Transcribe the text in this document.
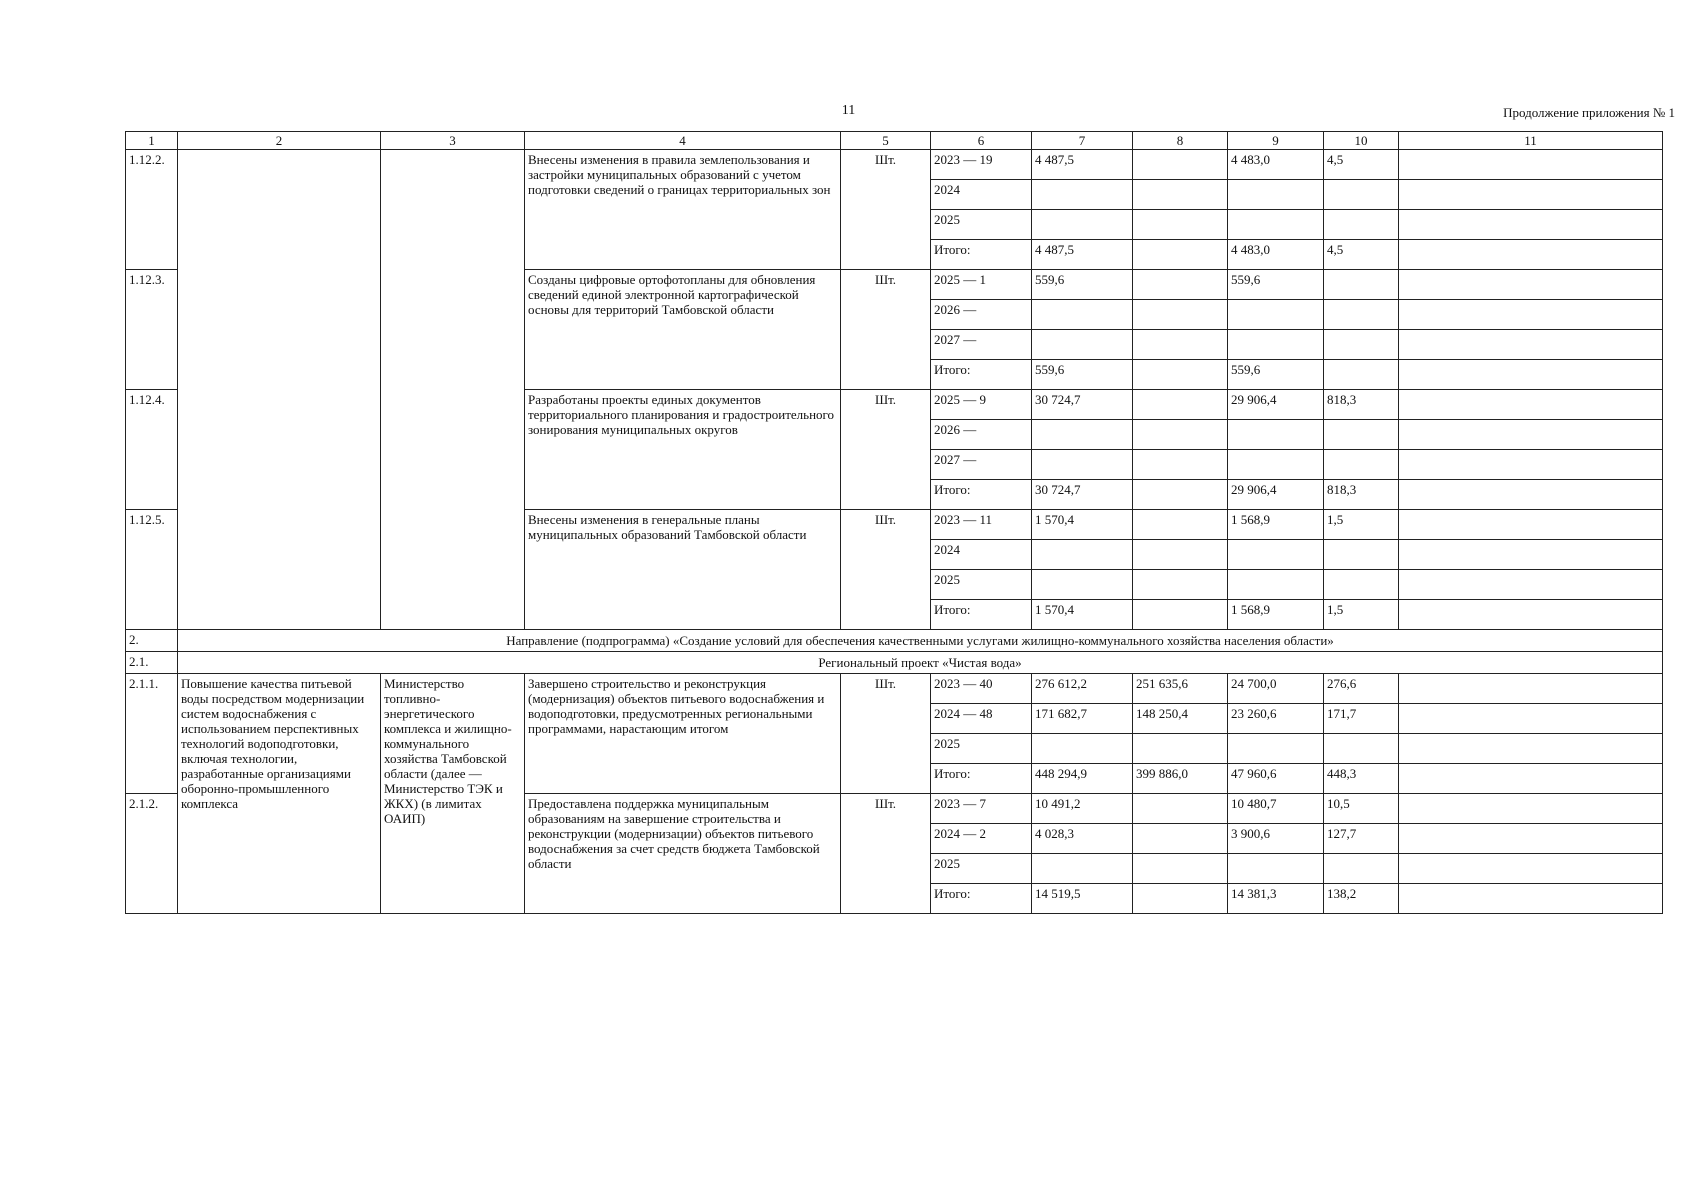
11	Продолжение приложения № 1
1	2	3	4	5	6	7	8	9	10	11
1.12.2.			Внесены изменения в правила землепользования и застройки муниципальных образований с учетом подготовки сведений о границах территориальных зон	Шт.	2023 — 19	4 487,5		4 483,0	4,5	
					2024					
					2025					
					Итого:	4 487,5		4 483,0	4,5	
1.12.3.			Созданы цифровые ортофотопланы для обновления сведений единой электронной картографической основы для территорий Тамбовской области	Шт.	2025 — 1	559,6		559,6		
					2026 —					
					2027 —					
					Итого:	559,6		559,6		
1.12.4.			Разработаны проекты единых документов территориального планирования и градостроительного зонирования муниципальных округов	Шт.	2025 — 9	30 724,7		29 906,4	818,3	
					2026 —					
					2027 —					
					Итого:	30 724,7		29 906,4	818,3	
1.12.5.			Внесены изменения в генеральные планы муниципальных образований Тамбовской области	Шт.	2023 — 11	1 570,4		1 568,9	1,5	
					2024					
					2025					
					Итого:	1 570,4		1 568,9	1,5	
2.	Направление (подпрограмма) «Создание условий для обеспечения качественными услугами жилищно-коммунального хозяйства населения области»									
2.1.	Региональный проект «Чистая вода»									
2.1.1.	Повышение качества питьевой воды посредством модернизации систем водоснабжения с использованием перспективных технологий водоподготовки, включая технологии, разработанные организациями оборонно-промышленного комплекса	Министерство топливно-энергетического комплекса и жилищно-коммунального хозяйства Тамбовской области (далее — Министерство ТЭК и ЖКХ) (в лимитах ОАИП)	Завершено строительство и реконструкция (модернизация) объектов питьевого водоснабжения и водоподготовки, предусмотренных региональными программами, нарастающим итогом	Шт.	2023 — 40	276 612,2	251 635,6	24 700,0	276,6	
					2024 — 48	171 682,7	148 250,4	23 260,6	171,7	
					2025					
					Итого:	448 294,9	399 886,0	47 960,6	448,3	
2.1.2.			Предоставлена поддержка муниципальным образованиям на завершение строительства и реконструкции (модернизации) объектов питьевого водоснабжения за счет средств бюджета Тамбовской области	Шт.	2023 — 7	10 491,2		10 480,7	10,5	
					2024 — 2	4 028,3		3 900,6	127,7	
					2025					
					Итого:	14 519,5		14 381,3	138,2	
